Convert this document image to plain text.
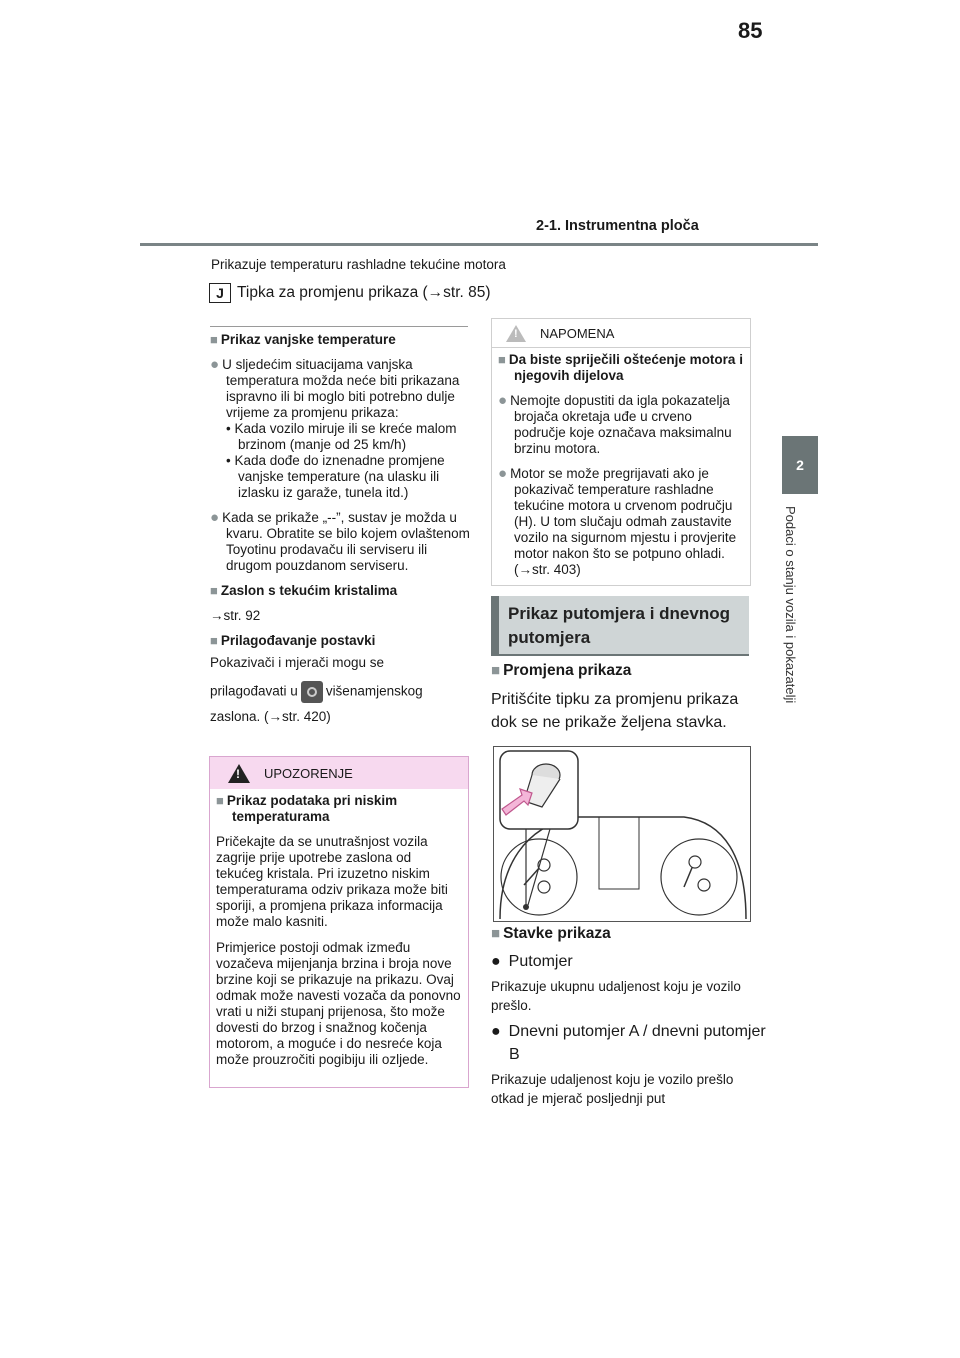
2-1. Instrumentna ploča
85
2
Podaci o stanju vozila i pokazatelji
Prikazuje temperaturu rashladne tekućine motora
J Tipka za promjenu prikaza (→str. 85)
■ Prikaz vanjske temperature
● U sljedećim situacijama vanjska temperatura možda neće biti prikazana ispravno ili bi moglo biti potrebno dulje vrijeme za promjenu prikaza:
• Kada vozilo miruje ili se kreće malom brzinom (manje od 25 km/h)
• Kada dođe do iznenadne promjene vanjske temperature (na ulasku ili izlasku iz garaže, tunela itd.)
● Kada se prikaže „--”, sustav je možda u kvaru. Obratite se bilo kojem ovlaštenom Toyotinu prodavaču ili serviseru ili drugom pouzdanom serviseru.
■ Zaslon s tekućim kristalima
→str. 92
■ Prilagođavanje postavki
Pokazivači i mjerači mogu se
prilagođavati u višenamjenskog
zaslona. (→str. 420)
!
UPOZORENJE
■ Prikaz podataka pri niskim temperaturama
Pričekajte da se unutrašnjost vozila zagrije prije upotrebe zaslona od tekućeg kristala. Pri izuzetno niskim temperaturama odziv prikaza može biti sporiji, a promjena prikaza informacija može malo kasniti.
Primjerice postoji odmak između vozačeva mijenjanja brzina i broja nove brzine koji se prikazuje na prikazu. Ovaj odmak može navesti vozača da ponovno vrati u niži stupanj prijenosa, što može dovesti do brzog i snažnog kočenja motorom, a moguće i do nesreće koja može prouzročiti pogibiju ili ozljede.
!
NAPOMENA
■ Da biste spriječili oštećenje motora i njegovih dijelova
● Nemojte dopustiti da igla pokazatelja brojača okretaja uđe u crveno područje koje označava maksimalnu brzinu motora.
● Motor se može pregrijavati ako je pokazivač temperature rashladne tekućine motora u crvenom području (H). U tom slučaju odmah zaustavite vozilo na sigurnom mjestu i provjerite motor nakon što se potpuno ohladi. (→str. 403)
Prikaz putomjera i dnevnog putomjera
■ Promjena prikaza
Pritišćite tipku za promjenu prikaza dok se ne prikaže željena stavka.
■ Stavke prikaza
● Putomjer
Prikazuje ukupnu udaljenost koju je vozilo prešlo.
● Dnevni putomjer A / dnevni putomjer B
Prikazuje udaljenost koju je vozilo prešlo otkad je mjerač posljednji put
